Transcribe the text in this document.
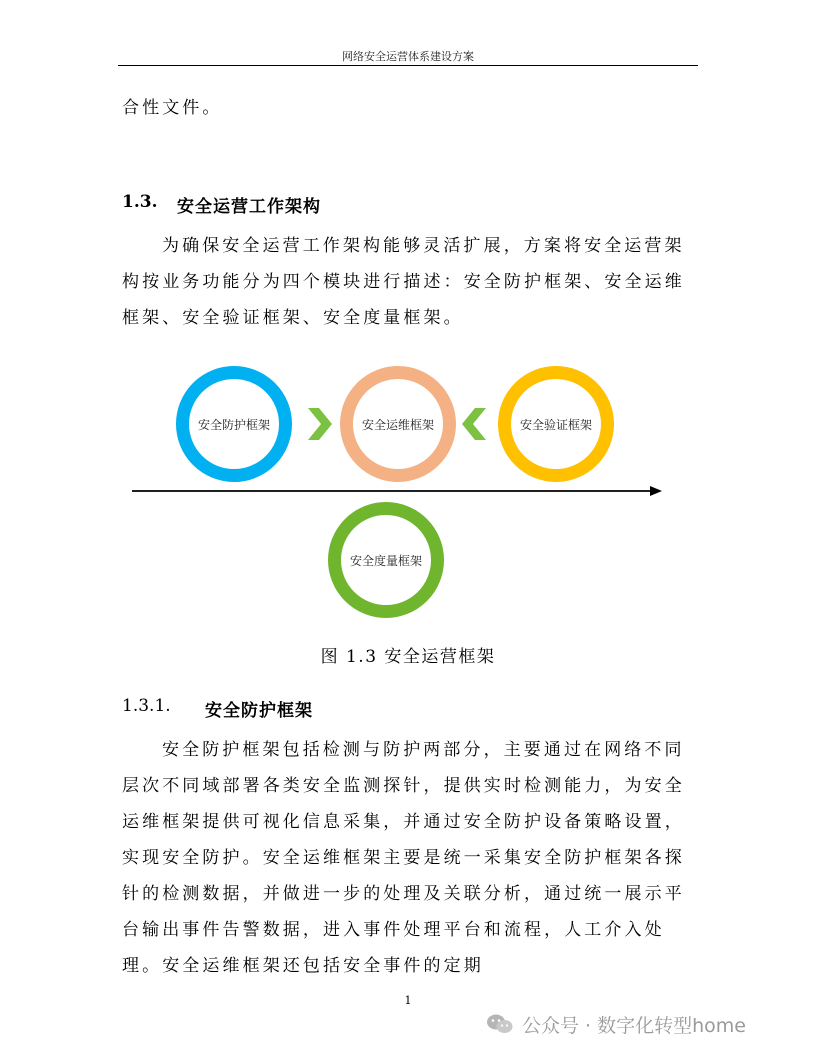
网络安全运营体系建设方案

合性文件。

1.3. 安全运营工作架构

为确保安全运营工作架构能够灵活扩展，方案将安全运营架构按业务功能分为四个模块进行描述：安全防护框架、安全运维框架、安全验证框架、安全度量框架。

安全防护框架	安全运维框架	安全验证框架
安全度量框架
图 1.3 安全运营框架
1.3.1. 安全防护框架

安全防护框架包括检测与防护两部分，主要通过在网络不同层次不同域部署各类安全监测探针，提供实时检测能力，为安全运维框架提供可视化信息采集，并通过安全防护设备策略设置，实现安全防护。安全运维框架主要是统一采集安全防护框架各探针的检测数据，并做进一步的处理及关联分析，通过统一展示平台输出事件告警数据，进入事件处理平台和流程，人工介入处理。安全运维框架还包括安全事件的定期

1
公众号 · 数字化转型home
